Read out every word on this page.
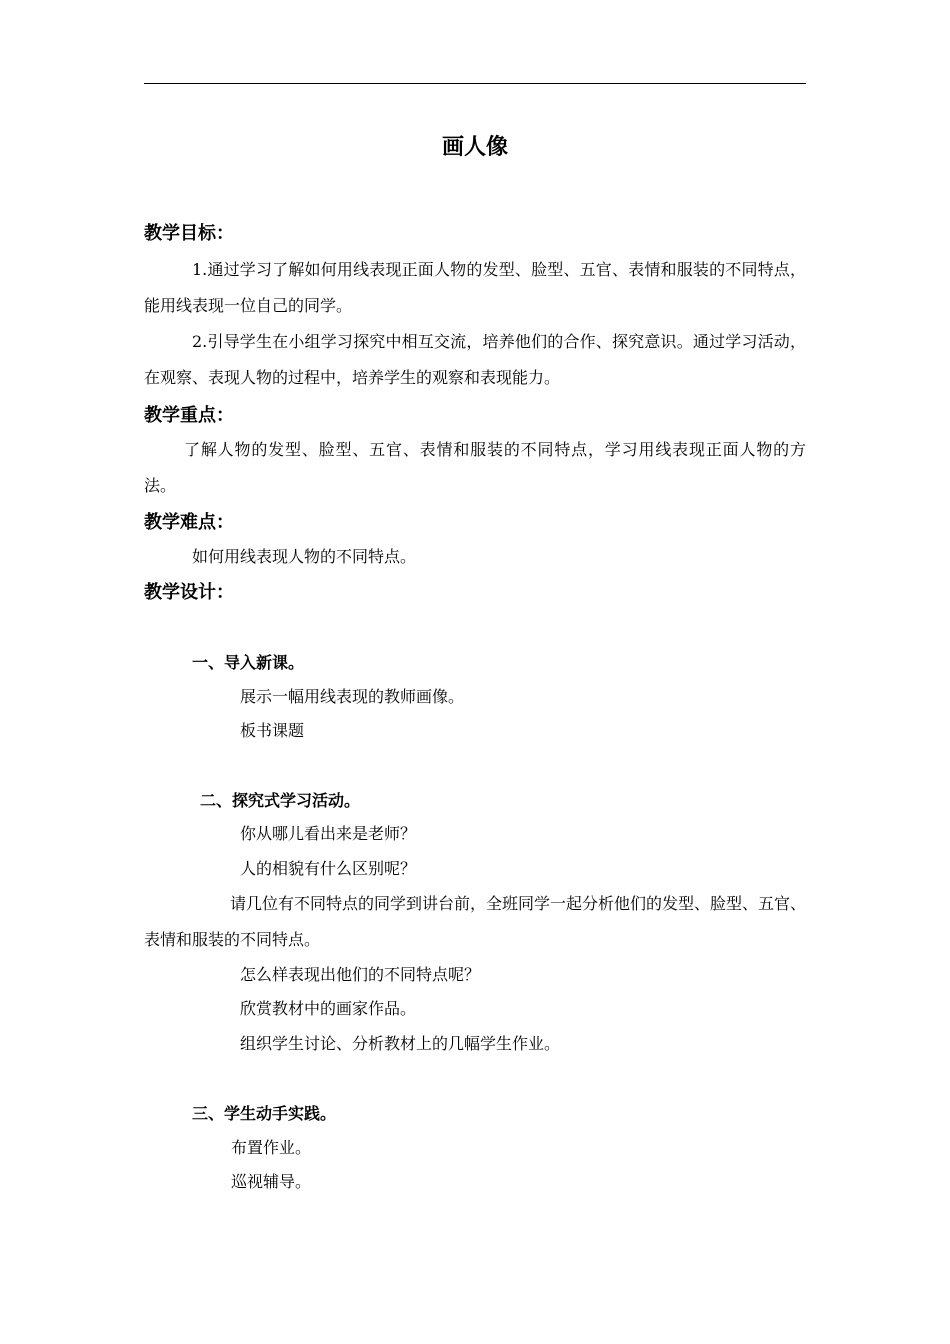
画人像
教学目标：
1.通过学习了解如何用线表现正面人物的发型、脸型、五官、表情和服装的不同特点，能用线表现一位自己的同学。
2.引导学生在小组学习探究中相互交流，培养他们的合作、探究意识。通过学习活动，在观察、表现人物的过程中，培养学生的观察和表现能力。
教学重点：
了解人物的发型、脸型、五官、表情和服装的不同特点，学习用线表现正面人物的方法。
教学难点：
如何用线表现人物的不同特点。
教学设计：
一、导入新课。
展示一幅用线表现的教师画像。
板书课题
二、探究式学习活动。
你从哪儿看出来是老师？
人的相貌有什么区别呢？
请几位有不同特点的同学到讲台前，全班同学一起分析他们的发型、脸型、五官、表情和服装的不同特点。
怎么样表现出他们的不同特点呢？
欣赏教材中的画家作品。
组织学生讨论、分析教材上的几幅学生作业。
三、学生动手实践。
布置作业。
巡视辅导。
